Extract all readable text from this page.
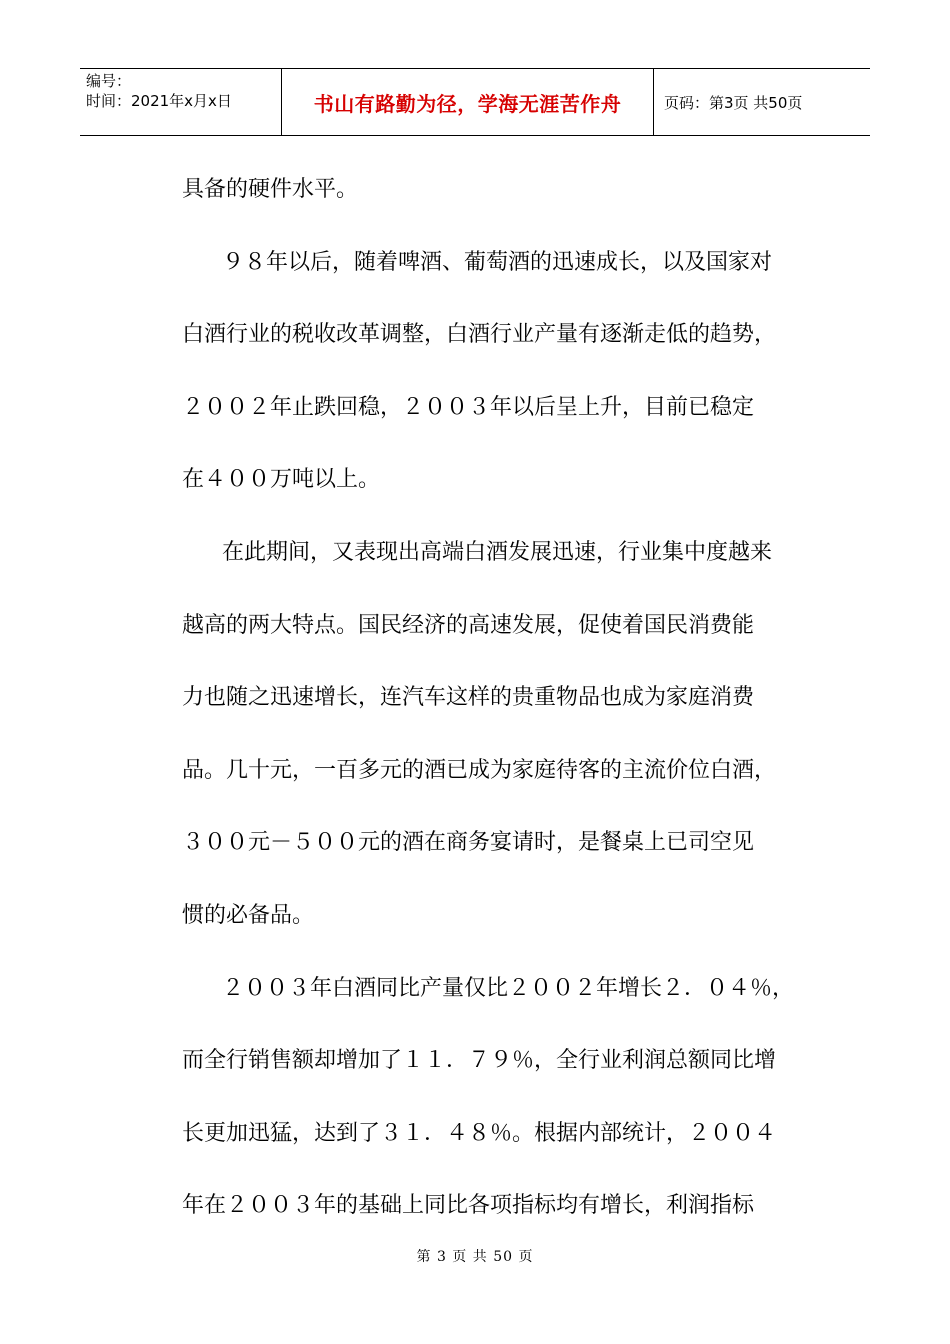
编号：
时间：2021年x月x日	书山有路勤为径，学海无涯苦作舟	页码：第3页 共50页
具备的硬件水平。
９８年以后，随着啤酒、葡萄酒的迅速成长，以及国家对
白酒行业的税收改革调整，白酒行业产量有逐渐走低的趋势，
２００２年止跌回稳，２００３年以后呈上升，目前已稳定
在４００万吨以上。
在此期间，又表现出高端白酒发展迅速，行业集中度越来
越高的两大特点。国民经济的高速发展，促使着国民消费能
力也随之迅速增长，连汽车这样的贵重物品也成为家庭消费
品。几十元，一百多元的酒已成为家庭待客的主流价位白酒，
３００元－５００元的酒在商务宴请时，是餐桌上已司空见
惯的必备品。
２００３年白酒同比产量仅比２００２年增长２．０４％，
而全行销售额却增加了１１．７９％，全行业利润总额同比增
长更加迅猛，达到了３１．４８％。根据内部统计，２００４
年在２００３年的基础上同比各项指标均有增长，利润指标
第 3 页 共 50 页
